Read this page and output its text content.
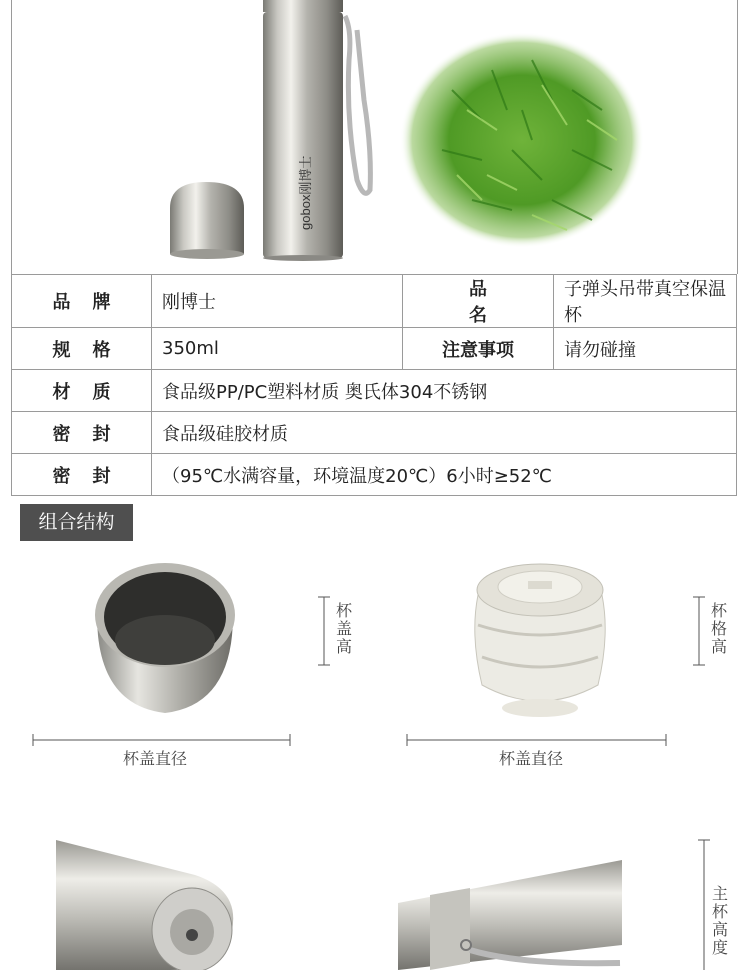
gobox刚博士
品牌	刚博士	品名	子弹头吊带真空保温杯
规格	350ml	注意事项	请勿碰撞
材质	食品级PP/PC塑料材质 奥氏体304不锈钢		
密封	食品级硅胶材质		
密封	（95℃水满容量，环境温度20℃）6小时≥52℃		
组合结构
杯
盖
高
杯
格
高
杯盖直径	杯盖直径
主
杯
高
度
